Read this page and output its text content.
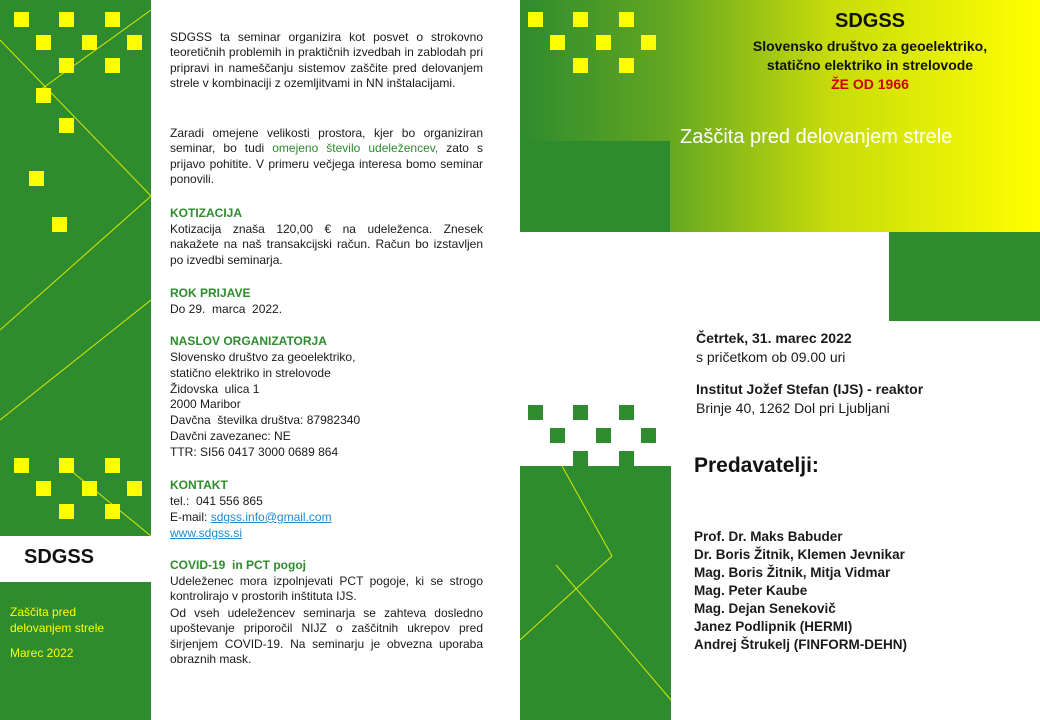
SDGSS
Zaščita pred
delovanjem strele
Marec 2022
SDGSS ta seminar organizira kot posvet o strokovno teoretičnih problemih in praktičnih izvedbah in zablodah pri pripravi in nameščanju sistemov zaščite pred delovanjem strele v kombinaciji z ozemljitvami in NN inštalacijami.
Zaradi omejene velikosti prostora, kjer bo organiziran seminar, bo tudi omejeno število udeležencev, zato s prijavo pohitite. V primeru večjega interesa bomo seminar ponovili.
KOTIZACIJA
Kotizacija znaša 120,00 € na udeleženca. Znesek nakažete na naš transakcijski račun. Račun bo izstavljen po izvedbi seminarja.
ROK PRIJAVE
Do 29.  marca  2022.
NASLOV ORGANIZATORJA
Slovensko društvo za geoelektriko,
statično elektriko in strelovode
Židovska  ulica 1
2000 Maribor
Davčna  številka društva: 87982340
Davčni zavezanec: NE
TTR: SI56 0417 3000 0689 864
KONTAKT
tel.:  041 556 865
E-mail: sdgss.info@gmail.com
www.sdgss.si
COVID-19  in PCT pogoj
Udeleženec mora izpolnjevati PCT pogoje, ki se strogo kontrolirajo v prostorih inštituta IJS.
Od vseh udeležencev seminarja se zahteva dosledno upoštevanje priporočil NIJZ o zaščitnih ukrepov pred širjenjem COVID-19. Na seminarju je obvezna uporaba obraznih mask.
SDGSS
Slovensko društvo za geoelektriko,
statično elektriko in strelovode
ŽE OD 1966
Zaščita pred delovanjem strele
Četrtek, 31. marec 2022
s pričetkom ob 09.00 uri
Institut Jožef Stefan (IJS) - reaktor
Brinje 40, 1262 Dol pri Ljubljani
Predavatelji:
Prof. Dr. Maks Babuder
Dr. Boris Žitnik, Klemen Jevnikar
Mag. Boris Žitnik, Mitja Vidmar
Mag. Peter Kaube
Mag. Dejan Senekovič
Janez Podlipnik (HERMI)
Andrej Štrukelj (FINFORM-DEHN)
